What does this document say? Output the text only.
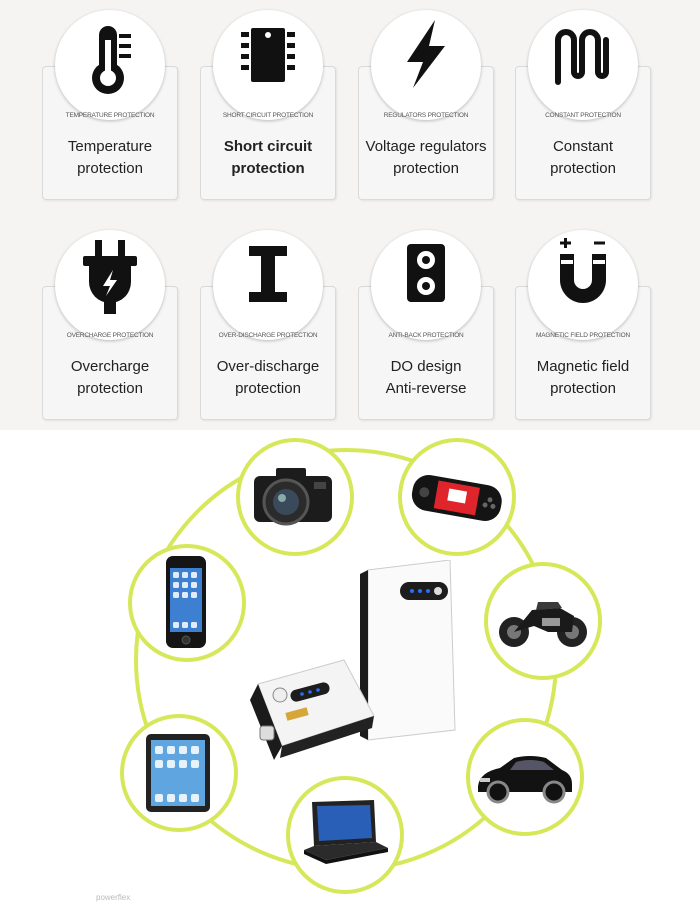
TEMPERATURE PROTECTION
Temperature
protection
SHORT CIRCUIT PROTECTION
Short circuit
protection
REGULATORS PROTECTION
Voltage regulators
protection
CONSTANT PROTECTION
Constant
protection
OVERCHARGE PROTECTION
Overcharge
protection
OVER-DISCHARGE PROTECTION
Over-discharge
protection
ANTI-BACK PROTECTION
DO design
Anti-reverse
MAGNETIC FIELD PROTECTION
Magnetic field
protection
powerflex
